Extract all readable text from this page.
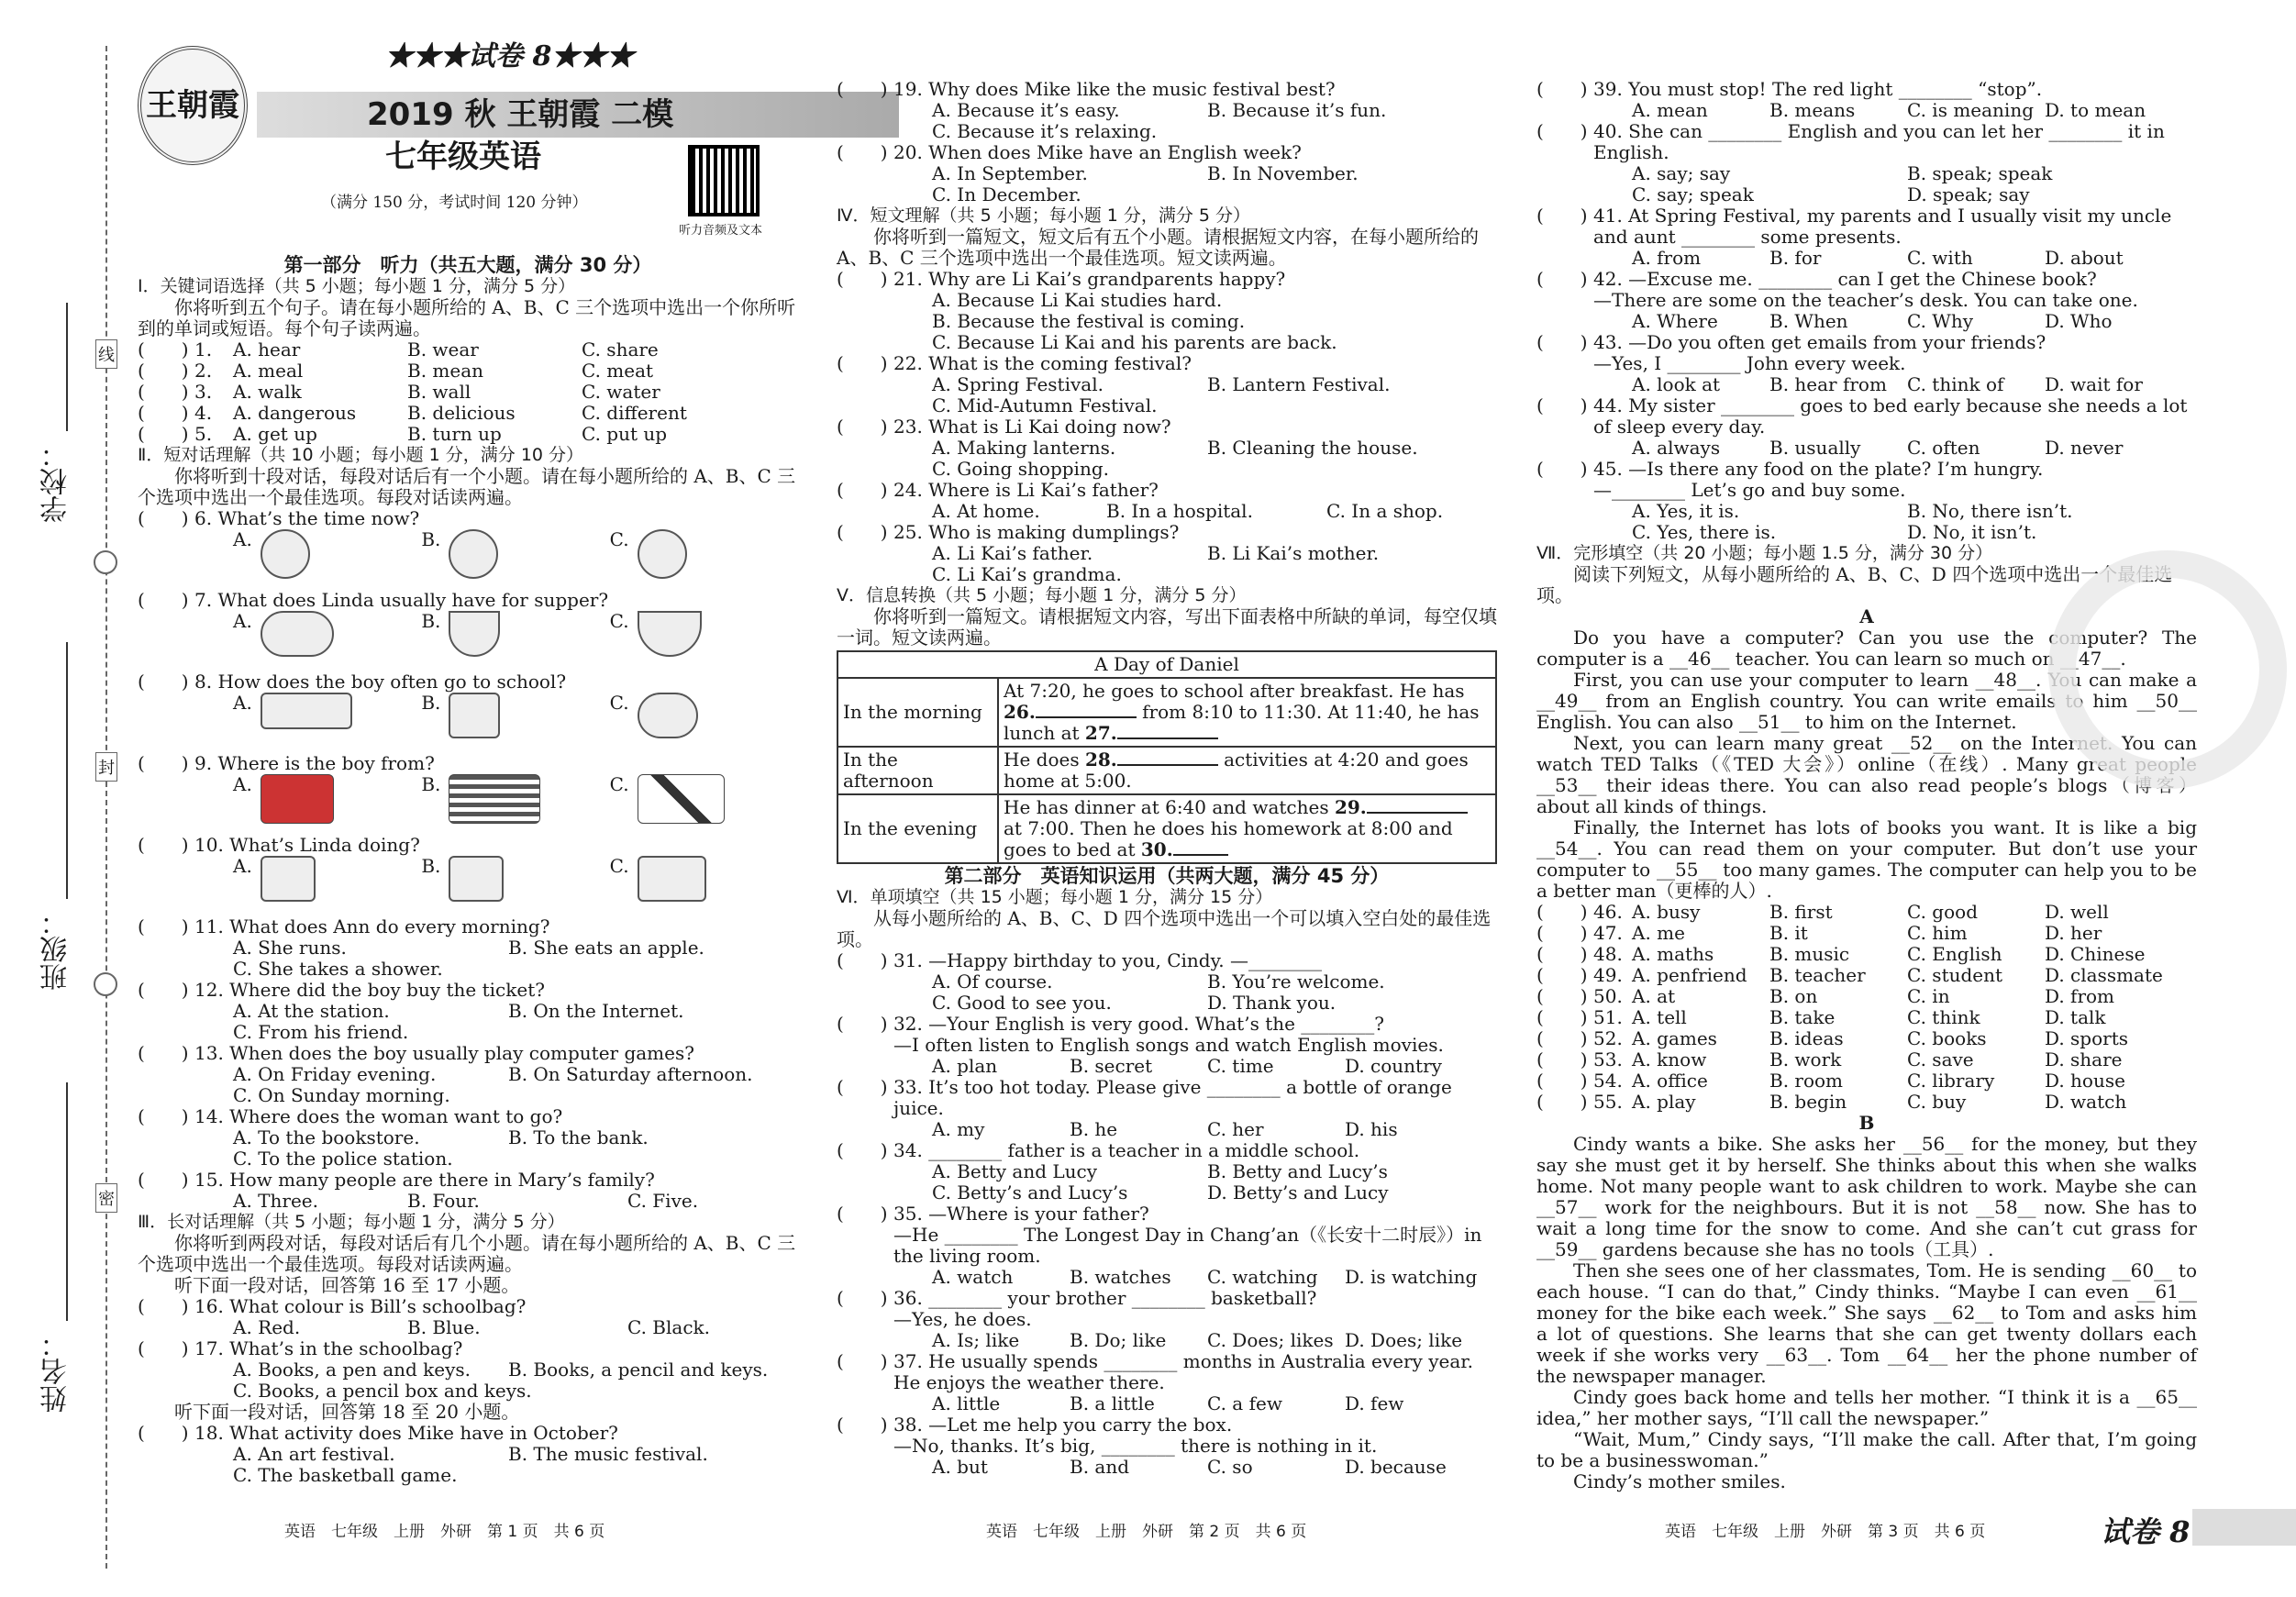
线
封
密
学校：
班级：
姓名：
王朝霞
★★★试卷 8★★★
2019 秋 王朝霞 二模
七年级英语
（满分 150 分，考试时间 120 分钟）
听力音频及文本
第一部分　听力（共五大题，满分 30 分）
Ⅰ．关键词语选择（共 5 小题；每小题 1 分，满分 5 分）
你将听到五个句子。请在每小题所给的 A、B、C 三个选项中选出一个你所听到的单词或短语。每个句子读两遍。
(　　) 1.	A. hear	B. wear	C. share
(　　) 2.	A. meal	B. mean	C. meat
(　　) 3.	A. walk	B. wall	C. water
(　　) 4.	A. dangerous	B. delicious	C. different
(　　) 5.	A. get up	B. turn up	C. put up
Ⅱ．短对话理解（共 10 小题；每小题 1 分，满分 10 分）
你将听到十段对话，每段对话后有一个小题。请在每小题所给的 A、B、C 三个选项中选出一个最佳选项。每段对话读两遍。
(　　) 6. What’s the time now?
A.	B.	C.
(　　) 7. What does Linda usually have for supper?
A.	B.	C.
(　　) 8. How does the boy often go to school?
A.	B.	C.
(　　) 9. Where is the boy from?
A.	B.	C.
(　　) 10. What’s Linda doing?
A.	B.	C.
(　　) 11. What does Ann do every morning?
A. She runs.	B. She eats an apple.
C. She takes a shower.
(　　) 12. Where did the boy buy the ticket?
A. At the station.	B. On the Internet.
C. From his friend.
(　　) 13. When does the boy usually play computer games?
A. On Friday evening.	B. On Saturday afternoon.
C. On Sunday morning.
(　　) 14. Where does the woman want to go?
A. To the bookstore.	B. To the bank.
C. To the police station.
(　　) 15. How many people are there in Mary’s family?
A. Three.	B. Four.	C. Five.
Ⅲ．长对话理解（共 5 小题；每小题 1 分，满分 5 分）
你将听到两段对话，每段对话后有几个小题。请在每小题所给的 A、B、C 三个选项中选出一个最佳选项。每段对话读两遍。
听下面一段对话，回答第 16 至 17 小题。
(　　) 16. What colour is Bill’s schoolbag?
A. Red.	B. Blue.	C. Black.
(　　) 17. What’s in the schoolbag?
A. Books, a pen and keys.	B. Books, a pencil and keys.
C. Books, a pencil box and keys.
听下面一段对话，回答第 18 至 20 小题。
(　　) 18. What activity does Mike have in October?
A. An art festival.	B. The music festival.
C. The basketball game.
(　　) 19. Why does Mike like the music festival best?
A. Because it’s easy.	B. Because it’s fun.
C. Because it’s relaxing.
(　　) 20. When does Mike have an English week?
A. In September.	B. In November.
C. In December.
Ⅳ．短文理解（共 5 小题；每小题 1 分，满分 5 分）
你将听到一篇短文，短文后有五个小题。请根据短文内容，在每小题所给的 A、B、C 三个选项中选出一个最佳选项。短文读两遍。
(　　) 21. Why are Li Kai’s grandparents happy?
A. Because Li Kai studies hard.
B. Because the festival is coming.
C. Because Li Kai and his parents are back.
(　　) 22. What is the coming festival?
A. Spring Festival.	B. Lantern Festival.
C. Mid-Autumn Festival.
(　　) 23. What is Li Kai doing now?
A. Making lanterns.	B. Cleaning the house.
C. Going shopping.
(　　) 24. Where is Li Kai’s father?
A. At home.	B. In a hospital.	C. In a shop.
(　　) 25. Who is making dumplings?
A. Li Kai’s father.	B. Li Kai’s mother.
C. Li Kai’s grandma.
Ⅴ．信息转换（共 5 小题；每小题 1 分，满分 5 分）
你将听到一篇短文。请根据短文内容，写出下面表格中所缺的单词，每空仅填一词。短文读两遍。
A Day of Daniel	
In the morning	At 7:20, he goes to school after breakfast. He has 26. from 8:10 to 11:30. At 11:40, he has lunch at 27.
In the afternoon	He does 28. activities at 4:20 and goes home at 5:00.
In the evening	He has dinner at 6:40 and watches 29. at 7:00. Then he does his homework at 8:00 and goes to bed at 30.
第二部分　英语知识运用（共两大题，满分 45 分）
Ⅵ．单项填空（共 15 小题；每小题 1 分，满分 15 分）
从每小题所给的 A、B、C、D 四个选项中选出一个可以填入空白处的最佳选项。
(　　) 31. —Happy birthday to you, Cindy. —________
A. Of course.	B. You’re welcome.
C. Good to see you.	D. Thank you.
(　　) 32. —Your English is very good. What’s the ________?
—I often listen to English songs and watch English movies.
A. plan	B. secret	C. time	D. country
(　　) 33. It’s too hot today. Please give ________ a bottle of orange juice.
A. my	B. he	C. her	D. his
(　　) 34. ________ father is a teacher in a middle school.
A. Betty and Lucy	B. Betty and Lucy’s
C. Betty’s and Lucy’s	D. Betty’s and Lucy
(　　) 35. —Where is your father?
—He ________ The Longest Day in Chang’an（《长安十二时辰》）in the living room.
A. watch	B. watches	C. watching	D. is watching
(　　) 36. ________ your brother ________ basketball?
—Yes, he does.
A. Is; like	B. Do; like	C. Does; likes D. Does; like
(　　) 37. He usually spends ________ months in Australia every year. He enjoys the weather there.
A. little	B. a little	C. a few	D. few
(　　) 38. —Let me help you carry the box.
—No, thanks. It’s big, ________ there is nothing in it.
A. but	B. and	C. so	D. because
(　　) 39. You must stop! The red light ________ “stop”.
A. mean	B. means	C. is meaning D. to mean
(　　) 40. She can ________ English and you can let her ________ it in English.
A. say; say	B. speak; speak
C. say; speak	D. speak; say
(　　) 41. At Spring Festival, my parents and I usually visit my uncle and aunt ________ some presents.
A. from	B. for	C. with	D. about
(　　) 42. —Excuse me. ________ can I get the Chinese book?
—There are some on the teacher’s desk. You can take one.
A. Where	B. When	C. Why	D. Who
(　　) 43. —Do you often get emails from your friends?
—Yes, I ________ John every week.
A. look at	B. hear from	C. think of	D. wait for
(　　) 44. My sister ________ goes to bed early because she needs a lot of sleep every day.
A. always	B. usually	C. often	D. never
(　　) 45. —Is there any food on the plate? I’m hungry.
—________ Let’s go and buy some.
A. Yes, it is.	B. No, there isn’t.
C. Yes, there is.	D. No, it isn’t.
Ⅶ．完形填空（共 20 小题；每小题 1.5 分，满分 30 分）
阅读下列短文，从每小题所给的 A、B、C、D 四个选项中选出一个最佳选项。
A
Do you have a computer? Can you use the computer? The computer is a __46__ teacher. You can learn so much on __47__.
First, you can use your computer to learn __48__. You can make a __49__ from an English country. You can write emails to him __50__ English. You can also __51__ to him on the Internet.
Next, you can learn many great __52__ on the Internet. You can watch TED Talks（《TED 大会》）online（在线）. Many great people __53__ their ideas there. You can also read people’s blogs（博客）about all kinds of things.
Finally, the Internet has lots of books you want. It is like a big __54__. You can read them on your computer. But don’t use your computer to __55__ too many games. The computer can help you to be a better man（更棒的人）.
(　　) 46. A. busy	B. first	C. good	D. well
(　　) 47. A. me	B. it	C. him	D. her
(　　) 48. A. maths	B. music	C. English	D. Chinese
(　　) 49. A. penfriend	B. teacher	C. student	D. classmate
(　　) 50. A. at	B. on	C. in	D. from
(　　) 51. A. tell	B. take	C. think	D. talk
(　　) 52. A. games	B. ideas	C. books	D. sports
(　　) 53. A. know	B. work	C. save	D. share
(　　) 54. A. office	B. room	C. library	D. house
(　　) 55. A. play	B. begin	C. buy	D. watch
B
Cindy wants a bike. She asks her __56__ for the money, but they say she must get it by herself. She thinks about this when she walks home. Not many people want to ask children to work. Maybe she can __57__ work for the neighbours. But it is not __58__ now. She has to wait a long time for the snow to come. And she can’t cut grass for __59__ gardens because she has no tools（工具）.
Then she sees one of her classmates, Tom. He is sending __60__ to each house. “I can do that,” Cindy thinks. “Maybe I can even __61__ money for the bike each week.” She says __62__ to Tom and asks him a lot of questions. She learns that she can get twenty dollars each week if she works very __63__. Tom __64__ her the phone number of the newspaper manager.
Cindy goes back home and tells her mother. “I think it is a __65__ idea,” her mother says, “I’ll call the newspaper.”
“Wait, Mum,” Cindy says, “I’ll make the call. After that, I’m going to be a businesswoman.”
Cindy’s mother smiles.
英语　七年级　上册　外研　第 1 页　共 6 页	英语　七年级　上册　外研　第 2 页　共 6 页	英语　七年级　上册　外研　第 3 页　共 6 页	试卷 8
